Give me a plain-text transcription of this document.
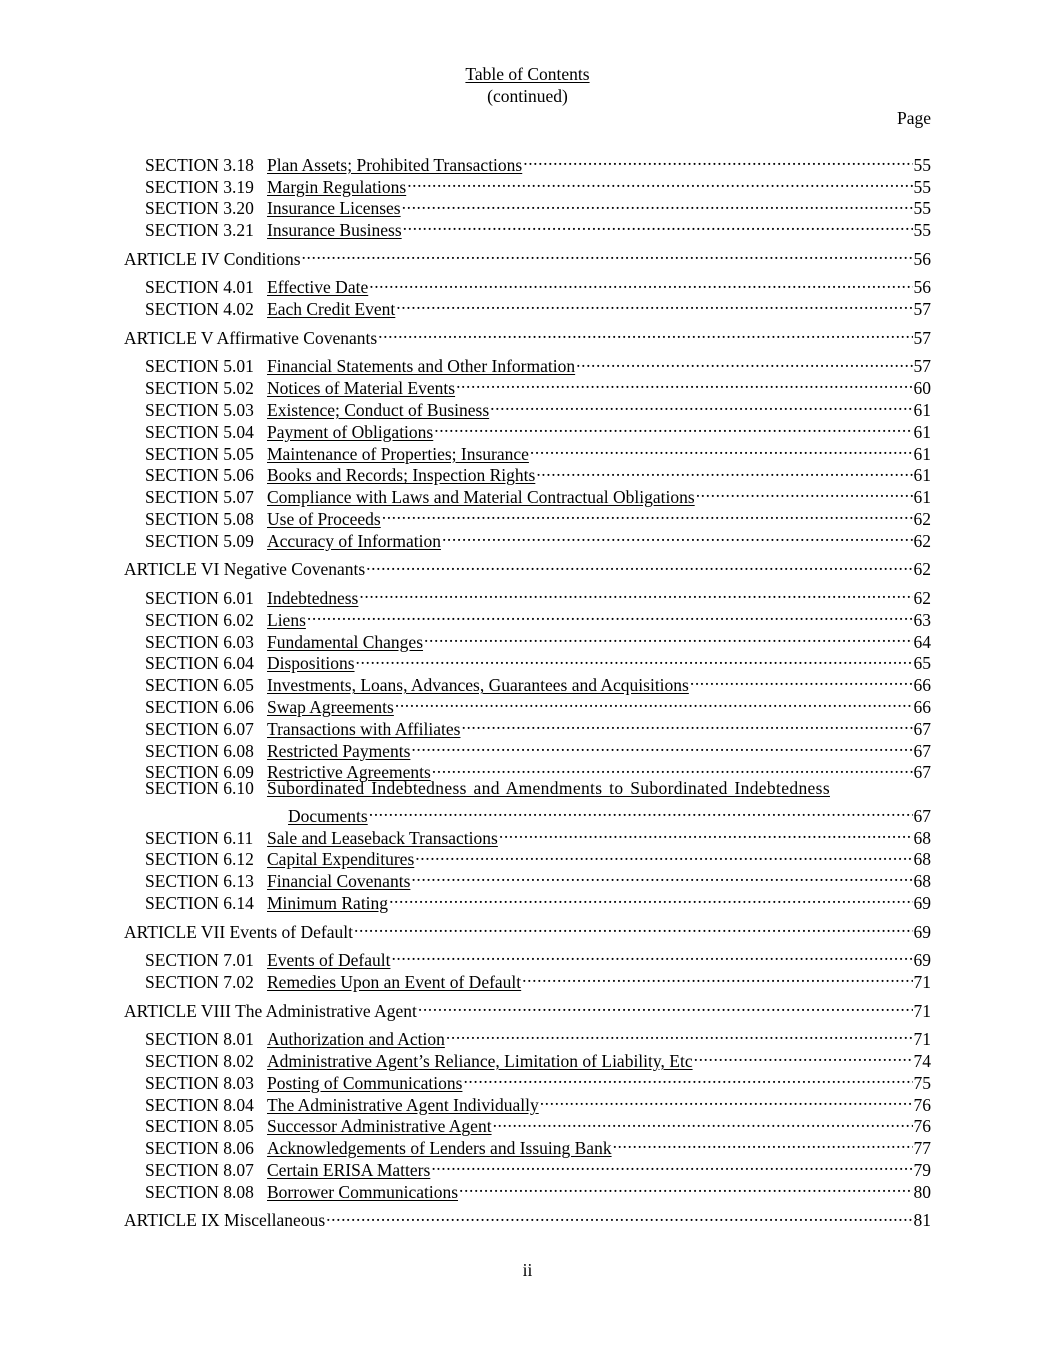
Table of Contents
(continued)
Page
SECTION 3.18 Plan Assets; Prohibited Transactions .....	55
SECTION 3.19 Margin Regulations .....	55
SECTION 3.20 Insurance Licenses .....	55
SECTION 3.21 Insurance Business .....	55
ARTICLE IV Conditions .....	56
SECTION 4.01 Effective Date .....	56
SECTION 4.02 Each Credit Event .....	57
ARTICLE V Affirmative Covenants .....	57
SECTION 5.01 Financial Statements and Other Information .....	57
SECTION 5.02 Notices of Material Events .....	60
SECTION 5.03 Existence; Conduct of Business .....	61
SECTION 5.04 Payment of Obligations .....	61
SECTION 5.05 Maintenance of Properties; Insurance .....	61
SECTION 5.06 Books and Records; Inspection Rights .....	61
SECTION 5.07 Compliance with Laws and Material Contractual Obligations .....	61
SECTION 5.08 Use of Proceeds .....	62
SECTION 5.09 Accuracy of Information .....	62
ARTICLE VI Negative Covenants .....	62
SECTION 6.01 Indebtedness .....	62
SECTION 6.02 Liens .....	63
SECTION 6.03 Fundamental Changes .....	64
SECTION 6.04 Dispositions .....	65
SECTION 6.05 Investments, Loans, Advances, Guarantees and Acquisitions .....	66
SECTION 6.06 Swap Agreements .....	66
SECTION 6.07 Transactions with Affiliates .....	67
SECTION 6.08 Restricted Payments .....	67
SECTION 6.09 Restrictive Agreements .....	67
SECTION 6.10 Subordinated Indebtedness and Amendments to Subordinated Indebtedness
Documents .....	67
SECTION 6.11 Sale and Leaseback Transactions .....	68
SECTION 6.12 Capital Expenditures .....	68
SECTION 6.13 Financial Covenants .....	68
SECTION 6.14 Minimum Rating .....	69
ARTICLE VII Events of Default .....	69
SECTION 7.01 Events of Default .....	69
SECTION 7.02 Remedies Upon an Event of Default .....	71
ARTICLE VIII The Administrative Agent .....	71
SECTION 8.01 Authorization and Action .....	71
SECTION 8.02 Administrative Agent’s Reliance, Limitation of Liability, Etc .....	74
SECTION 8.03 Posting of Communications .....	75
SECTION 8.04 The Administrative Agent Individually .....	76
SECTION 8.05 Successor Administrative Agent .....	76
SECTION 8.06 Acknowledgements of Lenders and Issuing Bank .....	77
SECTION 8.07 Certain ERISA Matters .....	79
SECTION 8.08 Borrower Communications .....	80
ARTICLE IX Miscellaneous .....	81
ii
